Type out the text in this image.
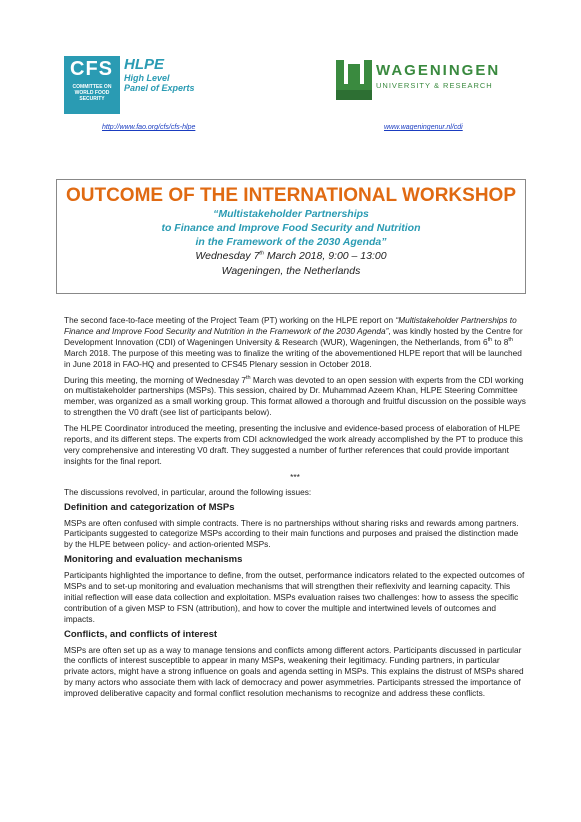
CFS
COMMITTEE ON WORLD FOOD SECURITY
HLPE
High Level
Panel of Experts
WAGENINGEN
UNIVERSITY & RESEARCH
http://www.fao.org/cfs/cfs-hlpe	www.wageningenur.nl/cdi
OUTCOME OF THE INTERNATIONAL WORKSHOP
“Multistakeholder Partnerships
to Finance and Improve Food Security and Nutrition
in the Framework of the 2030 Agenda”
Wednesday 7th March 2018, 9:00 – 13:00
Wageningen, the Netherlands

The second face-to-face meeting of the Project Team (PT) working on the HLPE report on “Multistakeholder Partnerships to Finance and Improve Food Security and Nutrition in the Framework of the 2030 Agenda”, was kindly hosted by the Centre for Development Innovation (CDI) of Wageningen University & Research (WUR), Wageningen, the Netherlands, from 6th to 8th March 2018. The purpose of this meeting was to finalize the writing of the abovementioned HLPE report that will be launched in June 2018 in FAO-HQ and presented to CFS45 Plenary session in October 2018.

During this meeting, the morning of Wednesday 7th March was devoted to an open session with experts from the CDI working on multistakeholder partnerships (MSPs). This session, chaired by Dr. Muhammad Azeem Khan, HLPE Steering Committee member, was organized as a small working group. This format allowed a thorough and fruitful discussion on the possible ways to strengthen the V0 draft (see list of participants below).

The HLPE Coordinator introduced the meeting, presenting the inclusive and evidence-based process of elaboration of HLPE reports, and its different steps. The experts from CDI acknowledged the work already accomplished by the PT to produce this very comprehensive and interesting V0 draft. They suggested a number of further references that could provide important insights for the final report.

***

The discussions revolved, in particular, around the following issues:

Definition and categorization of MSPs

MSPs are often confused with simple contracts. There is no partnerships without sharing risks and rewards among partners. Participants suggested to categorize MSPs according to their main functions and purposes and praised the distinction made by the HLPE between policy- and action-oriented MSPs.

Monitoring and evaluation mechanisms

Participants highlighted the importance to define, from the outset, performance indicators related to the expected outcomes of MSPs and to set-up monitoring and evaluation mechanisms that will strengthen their reflexivity and learning capacity. This initial reflection will ease data collection and exploitation. MSPs evaluation raises two challenges: how to assess the specific contribution of a given MSP to FSN (attribution), and how to cover the multiple and intertwined levels of outcomes and impacts.

Conflicts, and conflicts of interest

MSPs are often set up as a way to manage tensions and conflicts among different actors. Participants discussed in particular the conflicts of interest susceptible to appear in many MSPs, weakening their legitimacy. Funding partners, in particular private actors, might have a strong influence on goals and agenda setting in MSPs. This explains the distrust of MSPs shared by many actors who associate them with lack of democracy and power asymmetries. Participants stressed the importance of improved deliberative capacity and formal conflict resolution mechanisms to recognize and address these conflicts.
